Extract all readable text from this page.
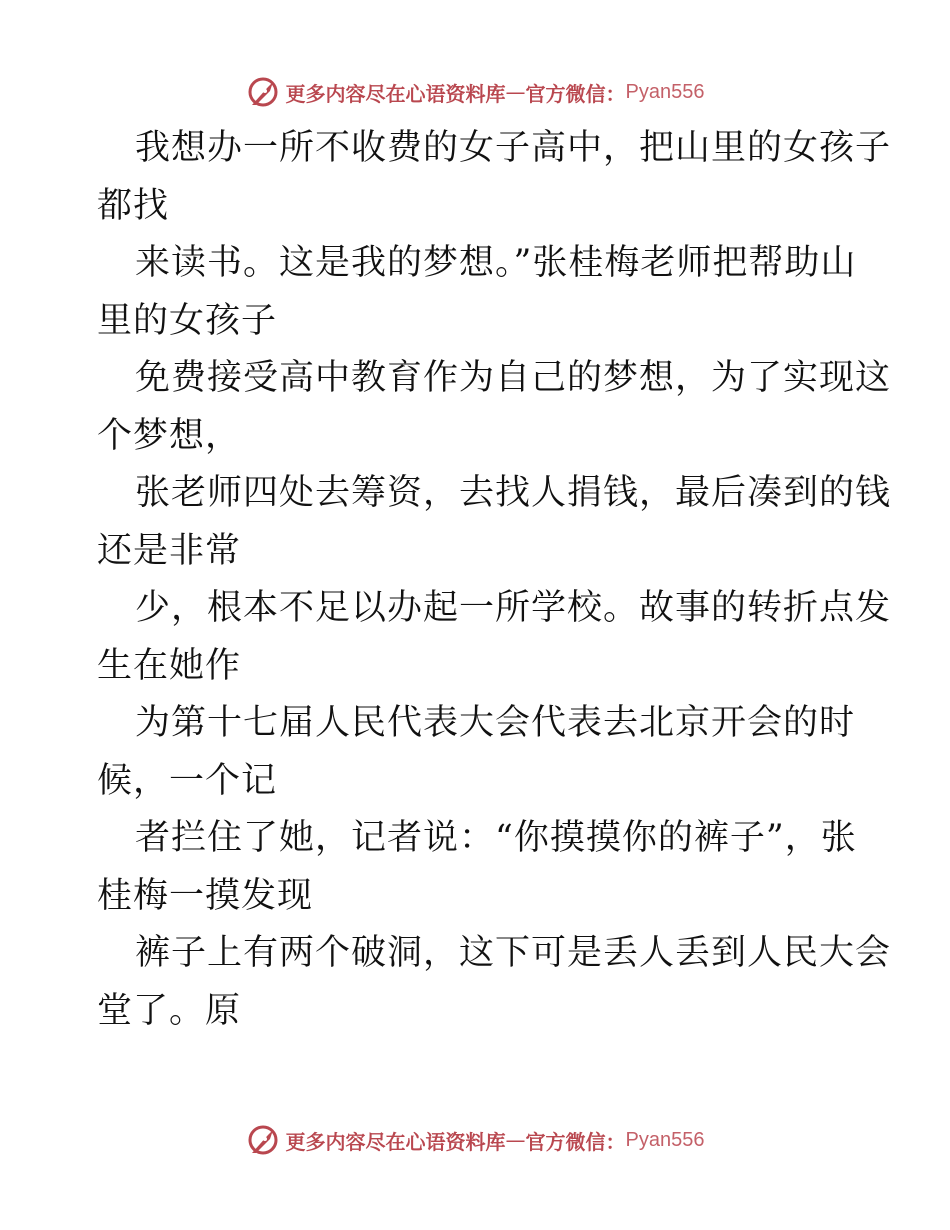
更多内容尽在心语资料库 — 官方微信： Pyan556
我想办一所不收费的女子高中，把山里的女孩子
都找
来读书。这是我的梦想。”张桂梅老师把帮助山
里的女孩子
免费接受高中教育作为自己的梦想，为了实现这
个梦想，
张老师四处去筹资，去找人捐钱，最后凑到的钱
还是非常
少，根本不足以办起一所学校。故事的转折点发
生在她作
为第十七届人民代表大会代表去北京开会的时
候，一个记
者拦住了她，记者说：“你摸摸你的裤子”，张
桂梅一摸发现
裤子上有两个破洞，这下可是丢人丢到人民大会
堂了。原
更多内容尽在心语资料库 — 官方微信： Pyan556
